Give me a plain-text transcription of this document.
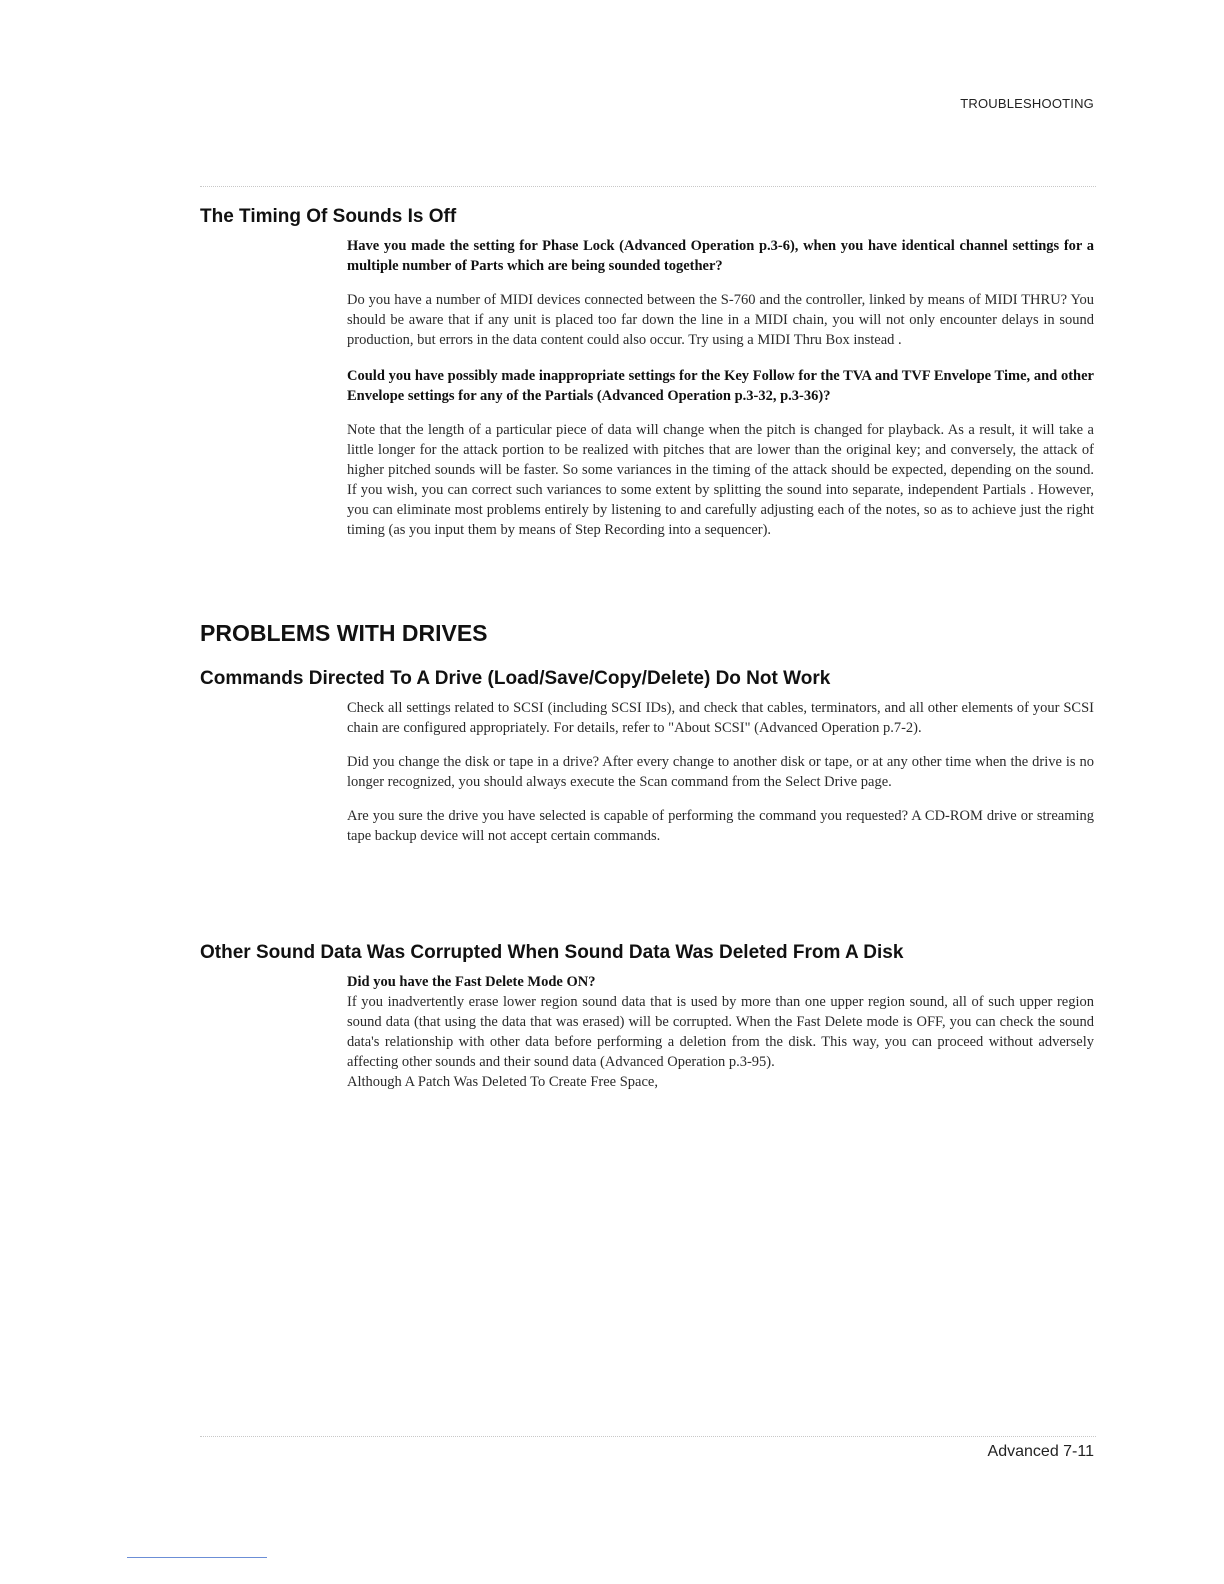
TROUBLESHOOTING
The Timing Of Sounds Is Off

Have you made the setting for Phase Lock (Advanced Operation p.3-6), when you have identical channel settings for a multiple number of Parts which are being sounded together?

Do you have a number of MIDI devices connected between the S-760 and the controller, linked by means of MIDI THRU? You should be aware that if any unit is placed too far down the line in a MIDI chain, you will not only encounter delays in sound production, but errors in the data content could also occur. Try using a MIDI Thru Box instead .

Could you have possibly made inappropriate settings for the Key Follow for the TVA and TVF Envelope Time, and other Envelope settings for any of the Partials (Advanced Operation p.3-32, p.3-36)?

Note that the length of a particular piece of data will change when the pitch is changed for playback. As a result, it will take a little longer for the attack portion to be realized with pitches that are lower than the original key; and conversely, the attack of higher pitched sounds will be faster. So some variances in the timing of the attack should be expected, depending on the sound. If you wish, you can correct such variances to some extent by splitting the sound into separate, independent Partials . However, you can eliminate most problems entirely by listening to and carefully adjusting each of the notes, so as to achieve just the right timing (as you input them by means of Step Recording into a sequencer).

PROBLEMS WITH DRIVES
Commands Directed To A Drive (Load/Save/Copy/Delete) Do Not Work

Check all settings related to SCSI (including SCSI IDs), and check that cables, terminators, and all other elements of your SCSI chain are configured appropriately. For details, refer to "About SCSI" (Advanced Operation p.7-2).

Did you change the disk or tape in a drive? After every change to another disk or tape, or at any other time when the drive is no longer recognized, you should always execute the Scan command from the Select Drive page.

Are you sure the drive you have selected is capable of performing the command you requested? A CD-ROM drive or streaming tape backup device will not accept certain commands.

Other Sound Data Was Corrupted When Sound Data Was Deleted From A Disk

Did you have the Fast Delete Mode ON?

If you inadvertently erase lower region sound data that is used by more than one upper region sound, all of such upper region sound data (that using the data that was erased) will be corrupted. When the Fast Delete mode is OFF, you can check the sound data's relationship with other data before performing a deletion from the disk. This way, you can proceed without adversely affecting other sounds and their sound data (Advanced Operation p.3-95).

Although A Patch Was Deleted To Create Free Space,

Advanced 7-11
